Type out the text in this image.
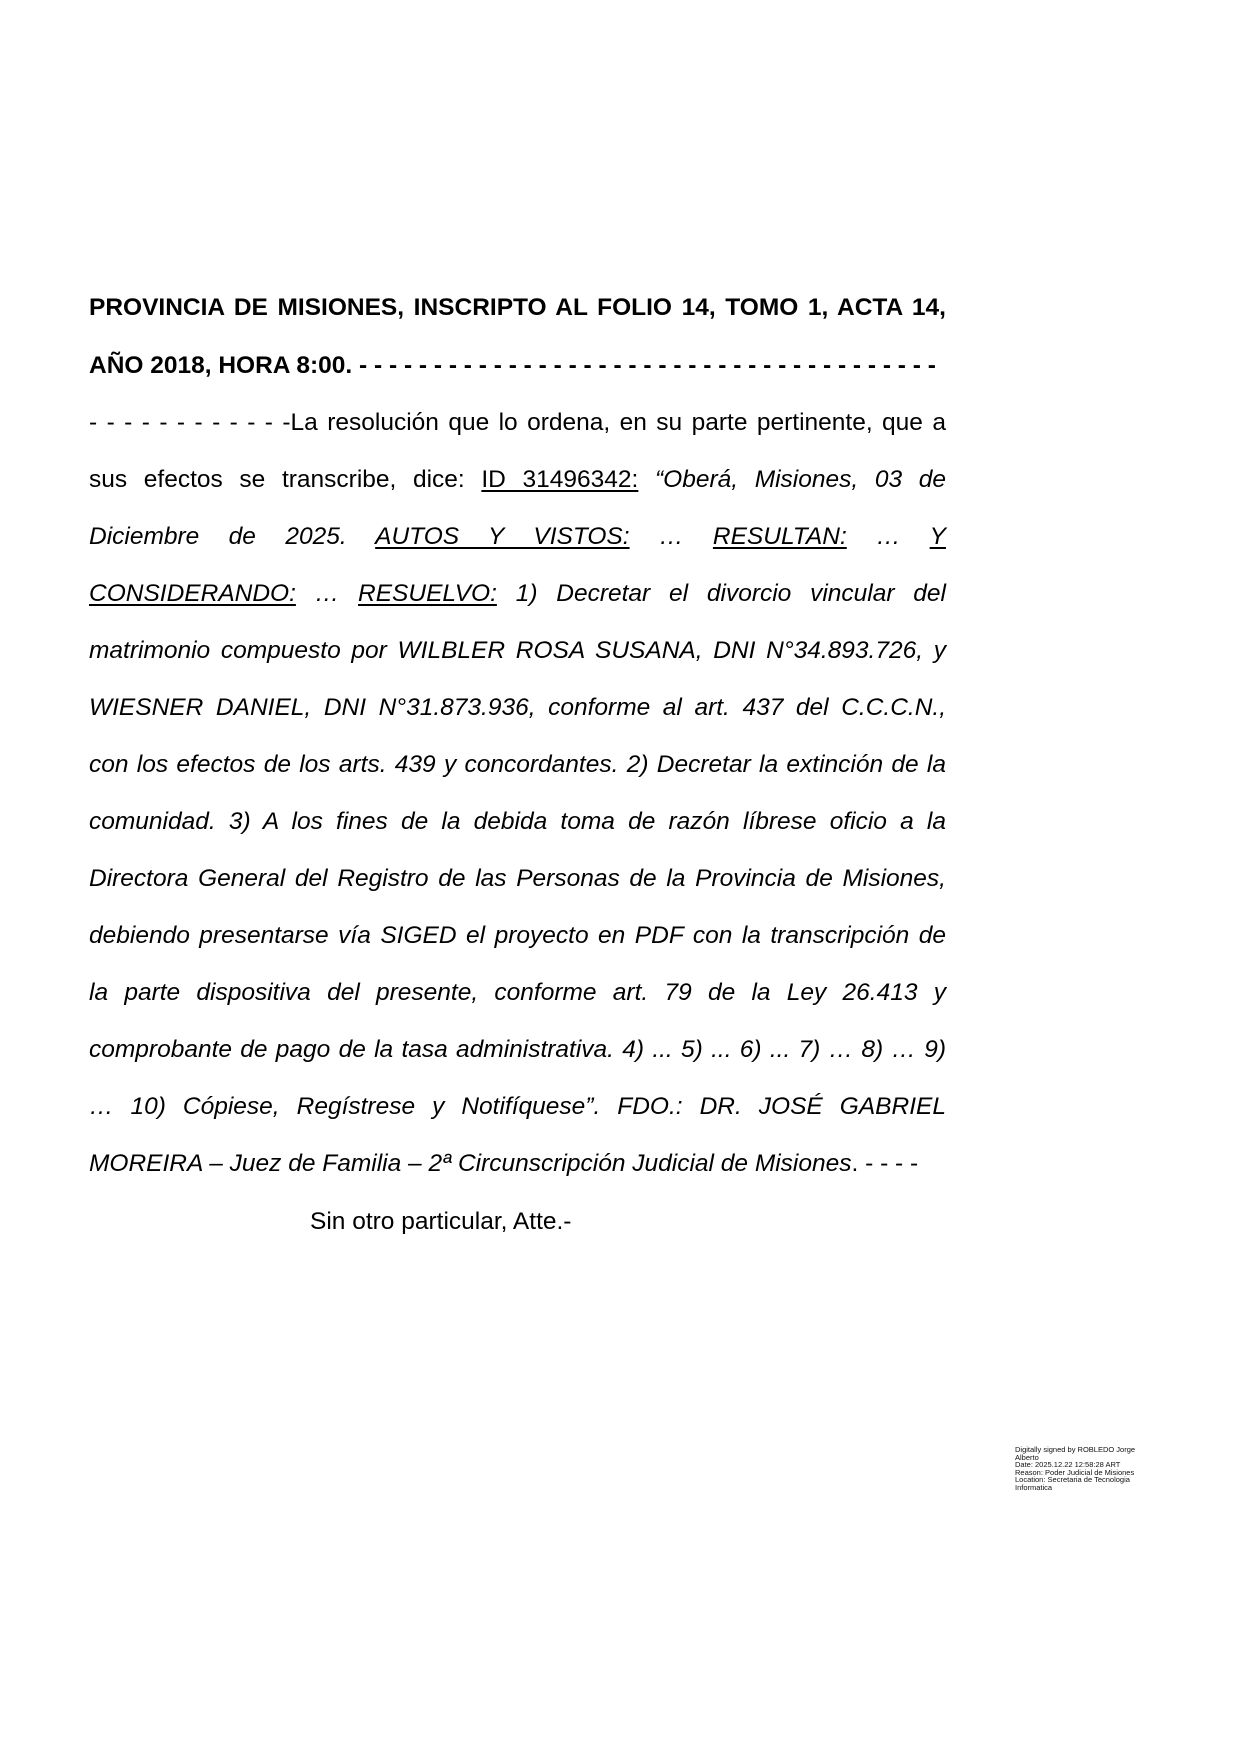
PROVINCIA DE MISIONES, INSCRIPTO AL FOLIO 14, TOMO 1, ACTA 14,
AÑO 2018, HORA 8:00. - - - - - - - - - - - - - - - - - - - - - - - - - - - - - - - - - - - - - - -
- - - - - - - - - - - -La resolución que lo ordena, en su parte pertinente, que a
sus efectos se transcribe, dice: ID 31496342: “Oberá, Misiones, 03 de
Diciembre de 2025. AUTOS Y VISTOS: … RESULTAN: … Y
CONSIDERANDO: … RESUELVO: 1) Decretar el divorcio vincular del
matrimonio compuesto por WILBLER ROSA SUSANA, DNI N°34.893.726, y
WIESNER DANIEL, DNI N°31.873.936, conforme al art. 437 del C.C.C.N.,
con los efectos de los arts. 439 y concordantes. 2) Decretar la extinción de la
comunidad. 3) A los fines de la debida toma de razón líbrese oficio a la
Directora General del Registro de las Personas de la Provincia de Misiones,
debiendo presentarse vía SIGED el proyecto en PDF con la transcripción de
la parte dispositiva del presente, conforme art. 79 de la Ley 26.413 y
comprobante de pago de la tasa administrativa. 4) ... 5) ... 6) ... 7) … 8) … 9)
… 10) Cópiese, Regístrese y Notifíquese”. FDO.: DR. JOSÉ GABRIEL
MOREIRA – Juez de Familia – 2ª Circunscripción Judicial de Misiones. - - - -
Sin otro particular, Atte.-
Digitally signed by ROBLEDO Jorge
Alberto
Date: 2025.12.22 12:58:28 ART
Reason: Poder Judicial de Misiones
Location: Secretaria de Tecnologia
Informatica
